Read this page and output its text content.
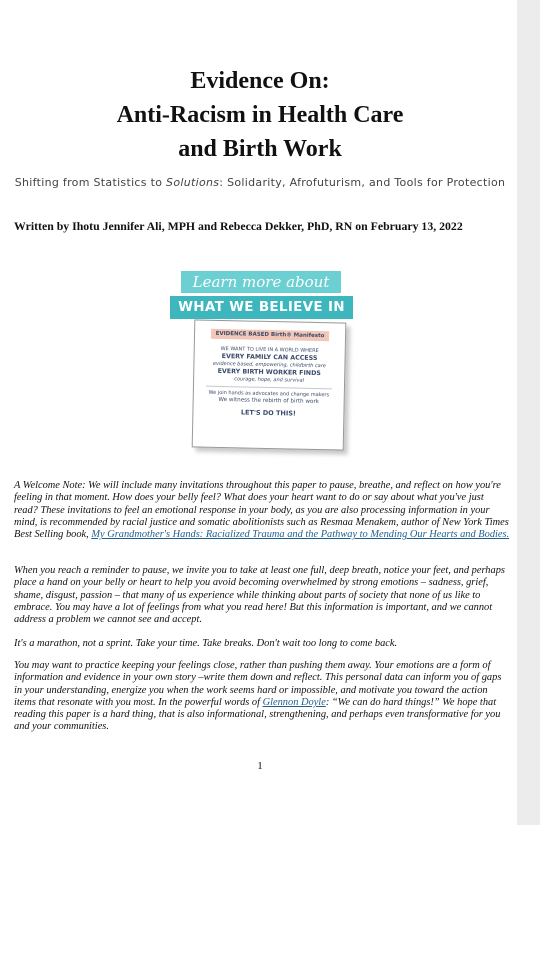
Evidence On:
Anti-Racism in Health Care
and Birth Work

Shifting from Statistics to Solutions: Solidarity, Afrofuturism, and Tools for Protection

Written by Ihotu Jennifer Ali, MPH and Rebecca Dekker, PhD, RN on February 13, 2022

Learn more about
WHAT WE BELIEVE IN
EVIDENCE BASED Birth® Manifesto
WE WANT TO LIVE IN A WORLD WHERE
EVERY FAMILY CAN ACCESS
evidence based, empowering, childbirth care
EVERY BIRTH WORKER FINDS
courage, hope, and survival
We join hands as advocates and change makers
We witness the rebirth of birth work
LET'S DO THIS!

A Welcome Note: We will include many invitations throughout this paper to pause, breathe, and reflect on how you're feeling in that moment. How does your belly feel? What does your heart want to do or say about what you've just read? These invitations to feel an emotional response in your body, as you are also processing information in your mind, is recommended by racial justice and somatic abolitionists such as Resmaa Menakem, author of New York Times Best Selling book, My Grandmother's Hands: Racialized Trauma and the Pathway to Mending Our Hearts and Bodies.

When you reach a reminder to pause, we invite you to take at least one full, deep breath, notice your feet, and perhaps place a hand on your belly or heart to help you avoid becoming overwhelmed by strong emotions – sadness, grief, shame, disgust, passion – that many of us experience while thinking about parts of society that none of us like to embrace. You may have a lot of feelings from what you read here! But this information is important, and we cannot address a problem we cannot see and accept.

It's a marathon, not a sprint. Take your time. Take breaks. Don't wait too long to come back.

You may want to practice keeping your feelings close, rather than pushing them away. Your emotions are a form of information and evidence in your own story –write them down and reflect. This personal data can inform you of gaps in your understanding, energize you when the work seems hard or impossible, and motivate you toward the action items that resonate with you most. In the powerful words of Glennon Doyle: “We can do hard things!” We hope that reading this paper is a hard thing, that is also informational, strengthening, and perhaps even transformative for you and your communities.

1
